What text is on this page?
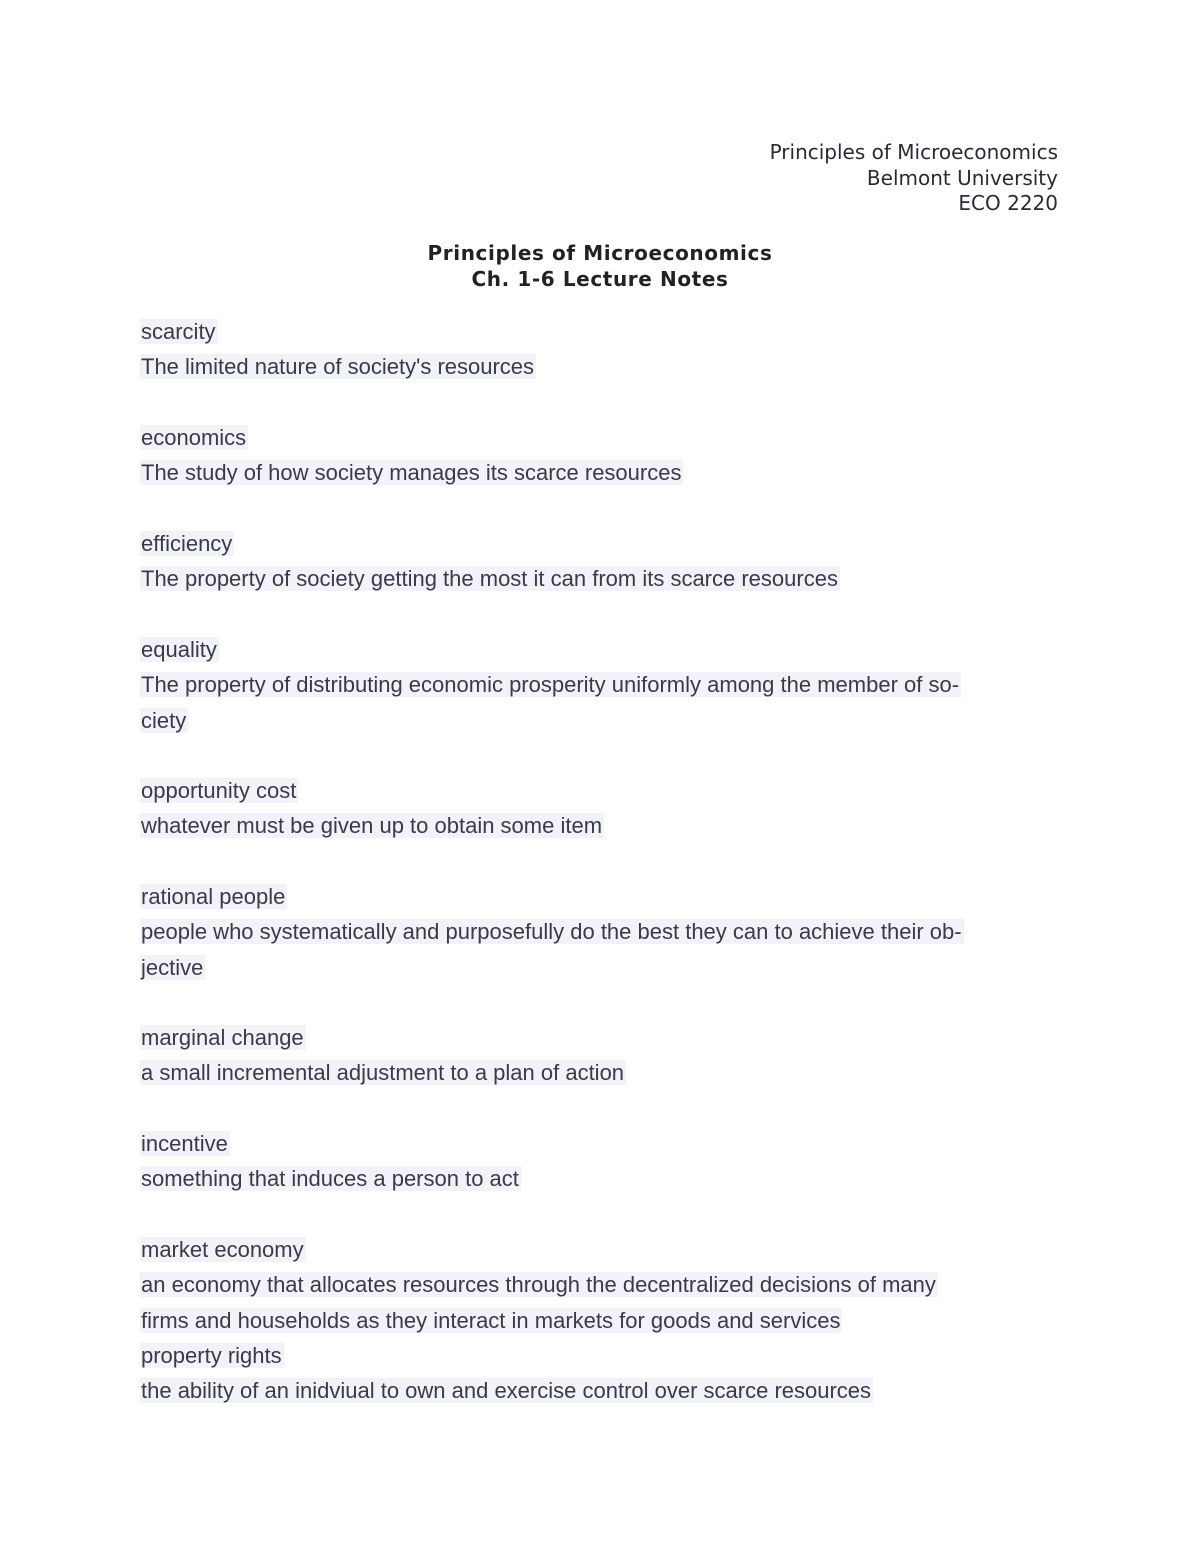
Principles of Microeconomics
Belmont University
ECO 2220
Principles of Microeconomics
Ch. 1-6 Lecture Notes
scarcity
The limited nature of society's resources
economics
The study of how society manages its scarce resources
efficiency
The property of society getting the most it can from its scarce resources
equality
The property of distributing economic prosperity uniformly among the member of so-
ciety
opportunity cost
whatever must be given up to obtain some item
rational people
people who systematically and purposefully do the best they can to achieve their ob-
jective
marginal change
a small incremental adjustment to a plan of action
incentive
something that induces a person to act
market economy
an economy that allocates resources through the decentralized decisions of many
firms and households as they interact in markets for goods and services
property rights
the ability of an inidviual to own and exercise control over scarce resources
